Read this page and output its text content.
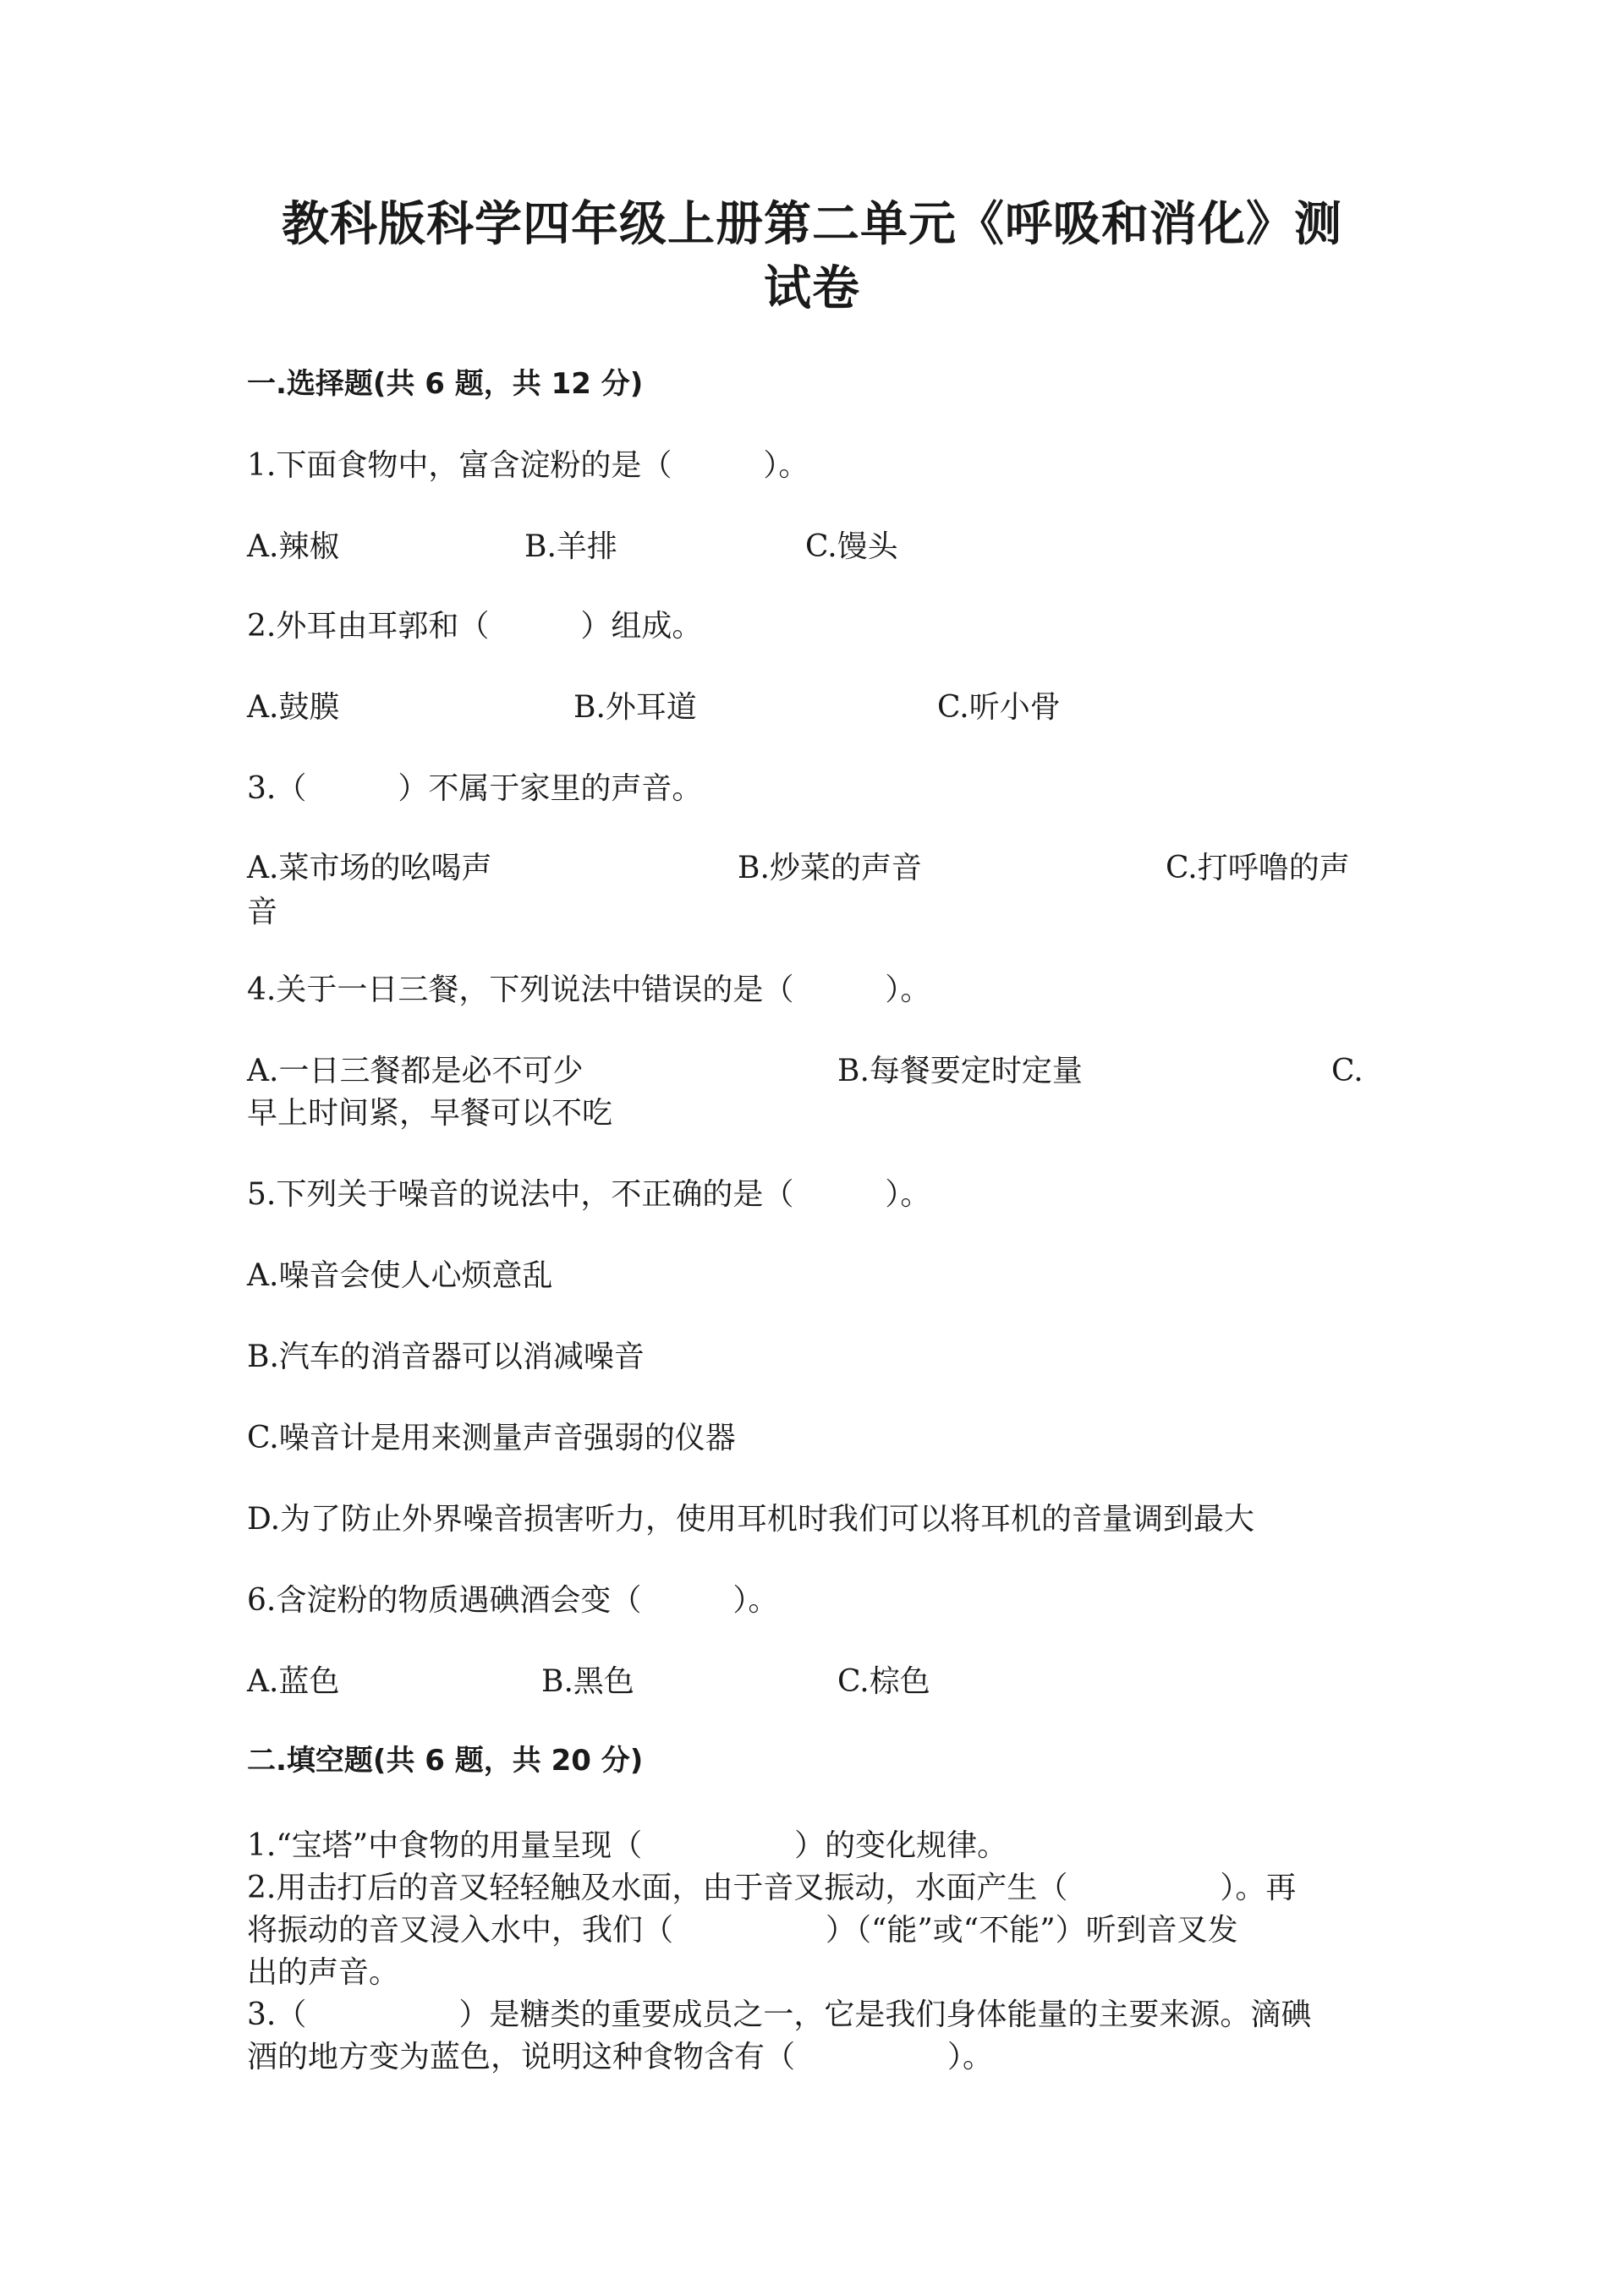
教科版科学四年级上册第二单元《呼吸和消化》测
试卷
一.选择题(共 6 题，共 12 分)
1.下面食物中，富含淀粉的是（　　　）。
A.辣椒	B.羊排	C.馒头
2.外耳由耳郭和（　　　）组成。
A.鼓膜	B.外耳道	C.听小骨
3.（　　　）不属于家里的声音。
A.菜市场的吆喝声	B.炒菜的声音	C.打呼噜的声
音
4.关于一日三餐，下列说法中错误的是（　　　）。
A.一日三餐都是必不可少	B.每餐要定时定量	C.
早上时间紧，早餐可以不吃
5.下列关于噪音的说法中，不正确的是（　　　）。
A.噪音会使人心烦意乱
B.汽车的消音器可以消减噪音
C.噪音计是用来测量声音强弱的仪器
D.为了防止外界噪音损害听力，使用耳机时我们可以将耳机的音量调到最大
6.含淀粉的物质遇碘酒会变（　　　）。
A.蓝色	B.黑色	C.棕色
二.填空题(共 6 题，共 20 分)
1.“宝塔”中食物的用量呈现（　　　　　）的变化规律。
2.用击打后的音叉轻轻触及水面，由于音叉振动，水面产生（　　　　　）。再
将振动的音叉浸入水中，我们（　　　　　）（“能”或“不能”）听到音叉发
出的声音。
3.（　　　　　）是糖类的重要成员之一，它是我们身体能量的主要来源。滴碘
酒的地方变为蓝色，说明这种食物含有（　　　　　）。
